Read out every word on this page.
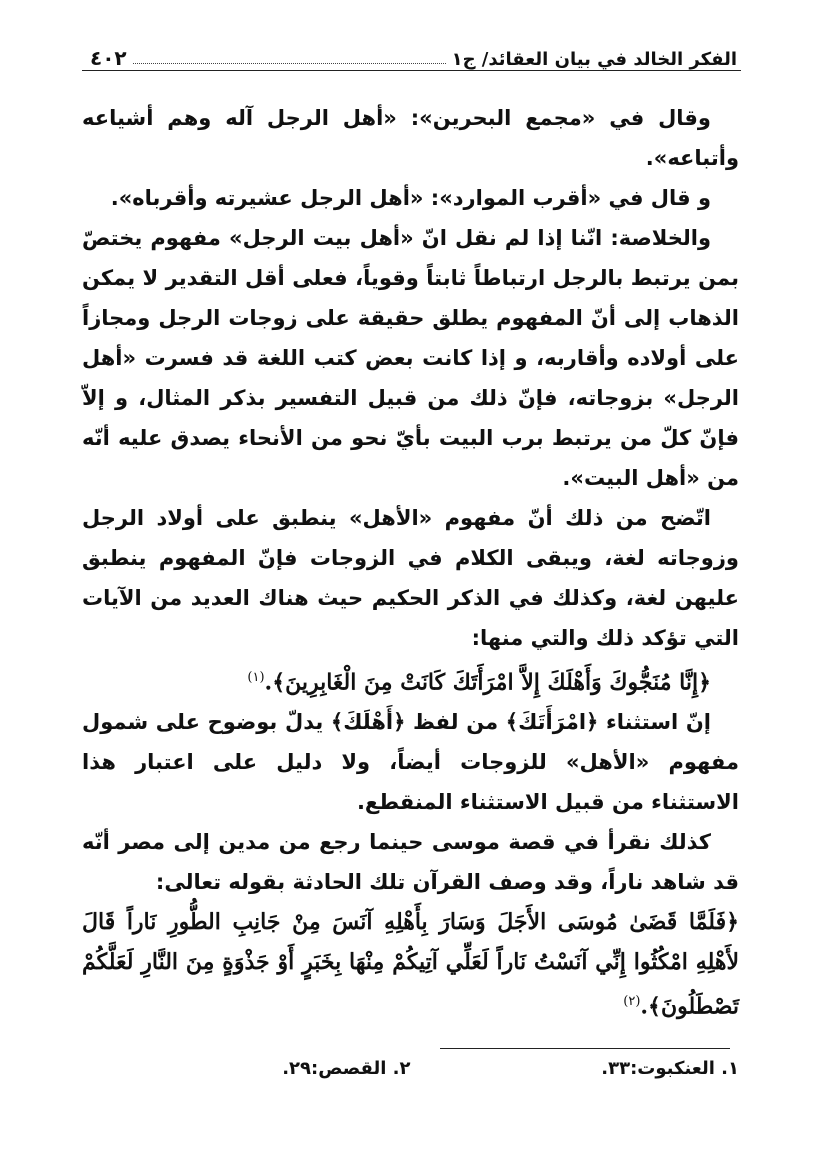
الفكر الخالد في بيان العقائد/ ج١
٤٠٢

وقال في «مجمع البحرين»: «أهل الرجل آله وهم أشياعه وأتباعه».

و قال في «أقرب الموارد»: «أهل الرجل عشيرته وأقرباه».

والخلاصة: انّنا إذا لم نقل انّ «أهل بيت الرجل» مفهوم يختصّ بمن يرتبط بالرجل ارتباطاً ثابتاً وقوياً، فعلى أقل التقدير لا يمكن الذهاب إلى أنّ المفهوم يطلق حقيقة على زوجات الرجل ومجازاً على أولاده وأقاربه، و إذا كانت بعض كتب اللغة قد فسرت «أهل الرجل» بزوجاته، فإنّ ذلك من قبيل التفسير بذكر المثال، و إلاّ فإنّ كلّ من يرتبط برب البيت بأيّ نحو من الأنحاء يصدق عليه أنّه من «أهل البيت».

اتّضح من ذلك أنّ مفهوم «الأهل» ينطبق على أولاد الرجل وزوجاته لغة، ويبقى الكلام في الزوجات فإنّ المفهوم ينطبق عليهن لغة، وكذلك في الذكر الحكيم حيث هناك العديد من الآيات التي تؤكد ذلك والتي منها:

﴿إِنَّا مُنَجُّوكَ وَأَهْلَكَ إِلاَّ امْرَأَتَكَ كَانَتْ مِنَ الْغَابِرِينَ﴾.$^{(١)}$

إنّ استثناء ﴿امْرَأَتَكَ﴾ من لفظ ﴿أَهْلَكَ﴾ يدلّ بوضوح على شمول مفهوم «الأهل» للزوجات أيضاً، ولا دليل على اعتبار هذا الاستثناء من قبيل الاستثناء المنقطع.

كذلك نقرأ في قصة موسى حينما رجع من مدين إلى مصر أنّه قد شاهد ناراً، وقد وصف القرآن تلك الحادثة بقوله تعالى:

﴿فَلَمَّا قَضَىٰ مُوسَى الأَجَلَ وَسَارَ بِأَهْلِهِ آنَسَ مِنْ جَانِبِ الطُّورِ نَاراً قَالَ لأَهْلِهِ امْكُثُوا إِنِّي آنَسْتُ نَاراً لَعَلِّي آتِيكُمْ مِنْهَا بِخَبَرٍ أَوْ جَذْوَةٍ مِنَ النَّارِ لَعَلَّكُمْ تَصْطَلُونَ﴾.$^{(٢)}$

١. العنكبوت:٣٣.
٢. القصص:٢٩.
